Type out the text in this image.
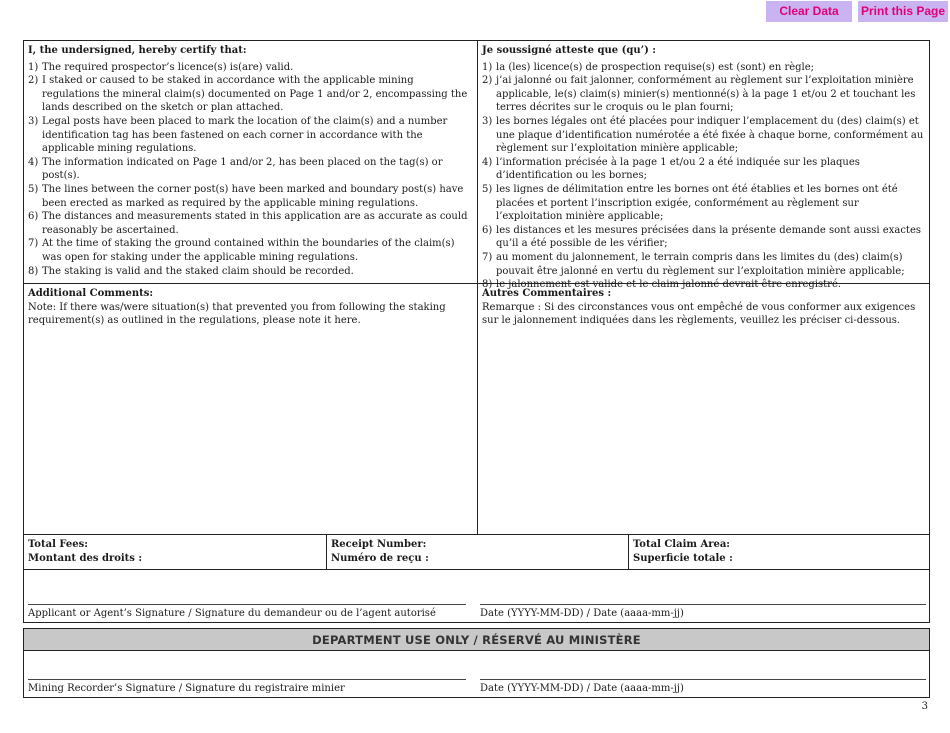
Clear Data	Print this Page
I, the undersigned, hereby certify that:
1) The required prospector’s licence(s) is(are) valid.
2) I staked or caused to be staked in accordance with the applicable mining regulations the mineral claim(s) documented on Page 1 and/or 2, encompassing the lands described on the sketch or plan attached.
3) Legal posts have been placed to mark the location of the claim(s) and a number identification tag has been fastened on each corner in accordance with the applicable mining regulations.
4) The information indicated on Page 1 and/or 2, has been placed on the tag(s) or post(s).
5) The lines between the corner post(s) have been marked and boundary post(s) have been erected as marked as required by the applicable mining regulations.
6) The distances and measurements stated in this application are as accurate as could reasonably be ascertained.
7) At the time of staking the ground contained within the boundaries of the claim(s) was open for staking under the applicable mining regulations.
8) The staking is valid and the staked claim should be recorded.
Je soussigné atteste que (qu’) :
1) la (les) licence(s) de prospection requise(s) est (sont) en règle;
2) j’ai jalonné ou fait jalonner, conformément au règlement sur l’exploitation minière applicable, le(s) claim(s) minier(s) mentionné(s) à la page 1 et/ou 2 et touchant les terres décrites sur le croquis ou le plan fourni;
3) les bornes légales ont été placées pour indiquer l’emplacement du (des) claim(s) et une plaque d’identification numérotée a été fixée à chaque borne, conformément au règlement sur l’exploitation minière applicable;
4) l’information précisée à la page 1 et/ou 2 a été indiquée sur les plaques d’identification ou les bornes;
5) les lignes de délimitation entre les bornes ont été établies et les bornes ont été placées et portent l’inscription exigée, conformément au règlement sur l’exploitation minière applicable;
6) les distances et les mesures précisées dans la présente demande sont aussi exactes qu’il a été possible de les vérifier;
7) au moment du jalonnement, le terrain compris dans les limites du (des) claim(s) pouvait être jalonné en vertu du règlement sur l’exploitation minière applicable;
8) le jalonnement est valide et le claim jalonné devrait être enregistré.
Additional Comments:
Note: If there was/were situation(s) that prevented you from following the staking requirement(s) as outlined in the regulations, please note it here.
Autres Commentaires :
Remarque : Si des circonstances vous ont empêché de vous conformer aux exigences sur le jalonnement indiquées dans les règlements, veuillez les préciser ci-dessous.
Total Fees:
Montant des droits :
Receipt Number:
Numéro de reçu :
Total Claim Area:
Superficie totale :
Applicant or Agent’s Signature / Signature du demandeur ou de l’agent autorisé	Date (YYYY-MM-DD) / Date (aaaa-mm-jj)
DEPARTMENT USE ONLY / RÉSERVÉ AU MINISTÈRE
Mining Recorder’s Signature / Signature du registraire minier	Date (YYYY-MM-DD) / Date (aaaa-mm-jj)
3
